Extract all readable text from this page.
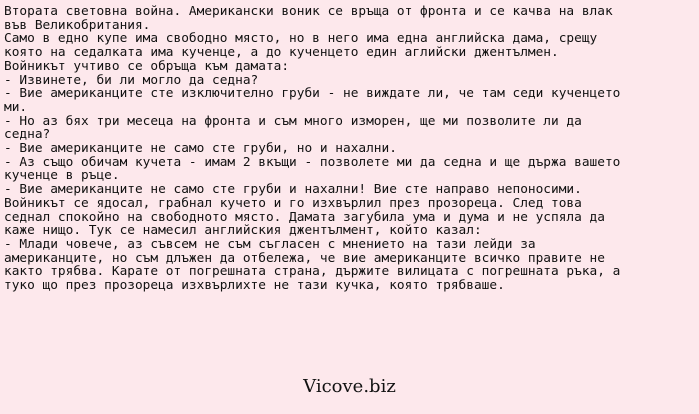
Втората световна война. Американски воник се връща от фронта и се качва на влак
във Великобритания.
Само в едно купе има свободно място, но в него има една английска дама, срещу
която на седалката има кученце, а до кученцето един аглийски джентълмен.
Войникът учтиво се обръща към дамата:
- Извинете, би ли могло да седна?
- Вие американците сте изключително груби - не виждате ли, че там седи кученцето
ми.
- Но аз бях три месеца на фронта и съм много изморен, ще ми позволите ли да
седна?
- Вие американците не само сте груби, но и нахални.
- Аз също обичам кучета - имам 2 вкъщи - позволете ми да седна и ще държа вашето
кученце в ръце.
- Вие американците не само сте груби и нахални! Вие сте направо непоносими.
Войникът се ядосал, грабнал кучето и го изхвърлил през прозореца. След това
седнал спокойно на свободното място. Дамата загубила ума и дума и не успяла да
каже нищо. Тук се намесил английския джентълмент, който казал:
- Млади човече, аз съвсем не съм съгласен с мнението на тази лейди за
американците, но съм длъжен да отбележа, че вие американците всичко правите не
както трябва. Карате от погрешната страна, държите вилицата с погрешната ръка, а
туко що през прозореца изхвърлихте не тази кучка, която трябваше.
Vicove.biz
